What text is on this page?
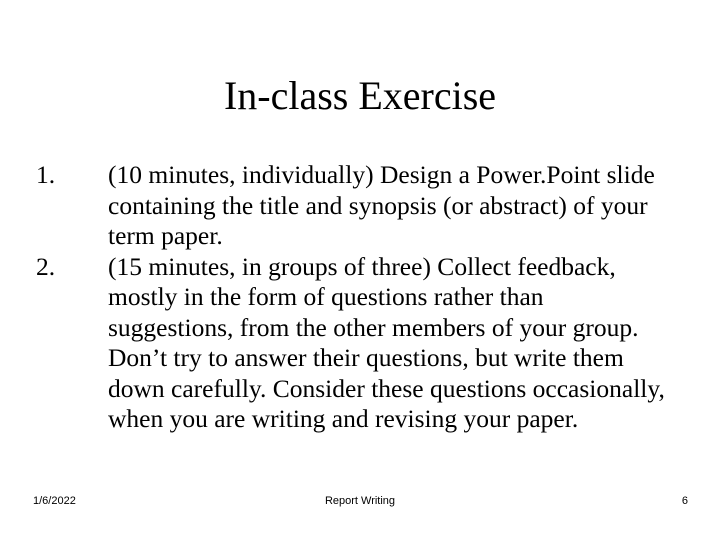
In-class Exercise
1.	(10 minutes, individually) Design a Power.Point slide containing the title and synopsis (or abstract) of your term paper.
2.	(15 minutes, in groups of three) Collect feedback, mostly in the form of questions rather than suggestions, from the other members of your group. Don’t try to answer their questions, but write them down carefully. Consider these questions occasionally, when you are writing and revising your paper.
1/6/2022	Report Writing	6
